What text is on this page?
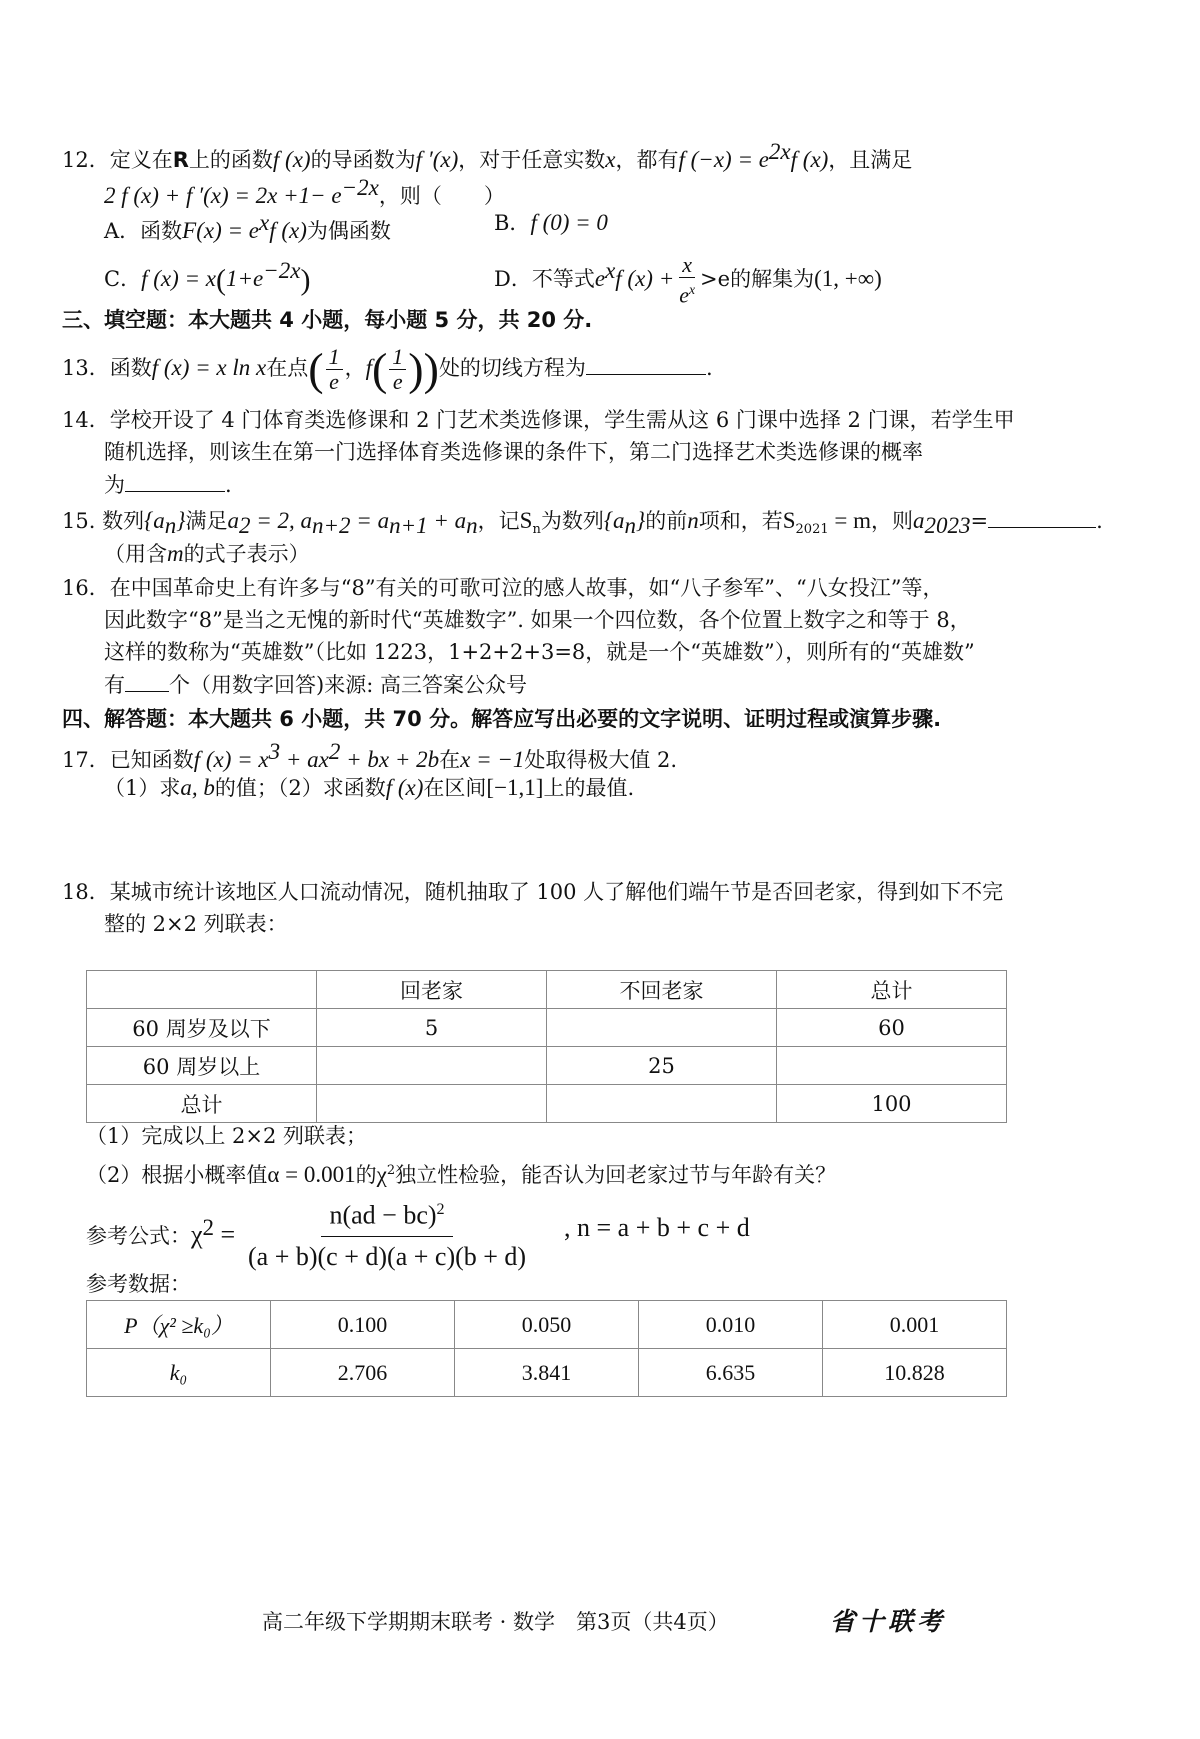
12．定义在R上的函数f (x)的导函数为f ′(x)，对于任意实数x，都有f $(-x) = e^{2x}f$ (x)，且满足
2 f (x) + f $'(x) = 2x +1- e^{-2x}$，则（　　）
A．函数$F(x) = e^xf$ (x)为偶函数	B．f (0) = 0
C．f $(x) = x(1+e^{-2x})$	D．不等式$e^xf$ $(x) + \frac{x}{e^x} >e$的解集为(1, +∞)
三、填空题：本大题共 4 小题，每小题 5 分，共 20 分.
13．函数f (x) = x ln x在点( $\frac{1}{e}$ ，$f( \frac{1}{e}$ ))处的切线方程为	.
14．学校开设了 4 门体育类选修课和 2 门艺术类选修课，学生需从这 6 门课中选择 2 门课，若学生甲
随机选择，则该生在第一门选择体育类选修课的条件下，第二门选择艺术类选修课的概率
为	.
15. 数列$\{a_n\}$满足$a_2 = 2$, $a_{n+2} = a_{n+1} + a_n$，记$S_n$为数列$\{a_n\}$的前n项和，若$S_{2021} = m$，则$a_{2023}=$	.
（用含m的式子表示）
16．在中国革命史上有许多与“8”有关的可歌可泣的感人故事，如“八子参军”、“八女投江”等，
因此数字“8”是当之无愧的新时代“英雄数字”. 如果一个四位数，各个位置上数字之和等于 8，
这样的数称为“英雄数”（比如 1223，1+2+2+3=8，就是一个“英雄数”），则所有的“英雄数”
有 个（用数字回答)来源: 高三答案公众号
四、解答题：本大题共 6 小题，共 70 分。解答应写出必要的文字说明、证明过程或演算步骤.
17．已知函数f $(x) = x^3 + ax^2$ + bx + 2b在x = −1处取得极大值 2.
（1）求a, b的值；（2）求函数f (x)在区间[−1,1]上的最值.
18．某城市统计该地区人口流动情况，随机抽取了 100 人了解他们端午节是否回老家，得到如下不完
整的 2×2 列联表：
	回老家	不回老家	总计
60 周岁及以下	5		60
60 周岁以上		25	
总计			100
（1）完成以上 2×2 列联表；
（2）根据小概率值α = 0.001的$\chi^2$独立性检验，能否认为回老家过节与年龄有关？
参考公式：$\chi^2 = \frac{n(ad - bc)^2}{(a + b)(c + d)(a + c)(b + d)}$ , n = a + b + c + d
参考数据：
P（χ² ≥k₀）	0.100	0.050	0.010	0.001
k₀	2.706	3.841	6.635	10.828
高二年级下学期期末联考 · 数学　第3页（共4页）	省十联考
